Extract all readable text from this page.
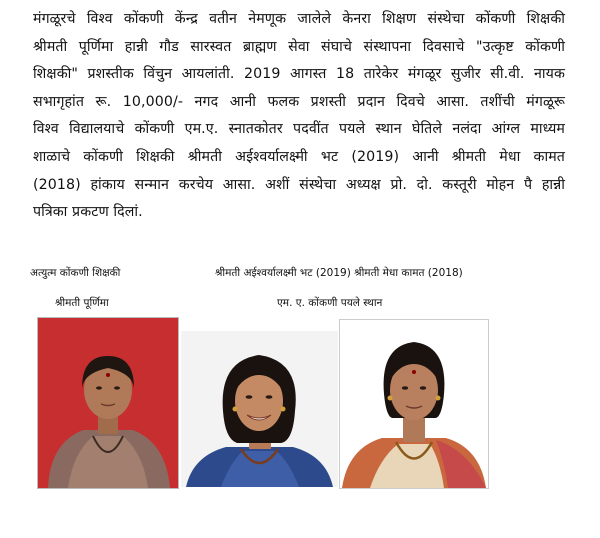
मंगळूरचे विश्व कोंकणी केंन्द्र वतीन नेमणूक जालेले केनरा शिक्षण संस्थेचा कोंकणी शिक्षकी
श्रीमती पूर्णिमा हान्नी गौड सारस्वत ब्राह्मण सेवा संघाचे संस्थापना दिवसाचे "उत्कृष्ट कोंकणी
शिक्षकी" प्रशस्तीक विंचुन आयलांती. 2019 आगस्त 18 तारेकेर मंगळूर सुजीर सी.वी. नायक
सभागृहांत रू. 10,000/- नगद आनी फलक प्रशस्ती प्रदान दिवचे आसा. तशींची मंगळूरू
विश्व विद्यालयाचे कोंकणी एम.ए. स्नातकोतर पदवींत पयले स्थान घेतिले नलंदा आंग्ल माध्यम
शाळाचे कोंकणी शिक्षकी श्रीमती अईश्वर्यालक्ष्मी भट (2019) आनी श्रीमती मेधा कामत
(2018) हांकाय सन्मान करचेय आसा. अशीं संस्थेचा अध्यक्ष प्रो. दो. कस्तूरी मोहन पै हान्नी
पत्रिका प्रकटण दिलां.
अत्युत्म कोंकणी शिक्षकी	श्रीमती अईश्वर्यालक्ष्मी भट (2019) श्रीमती मेधा कामत (2018)
श्रीमती पूर्णिमा	एम. ए. कोंकणी पयले स्थान
